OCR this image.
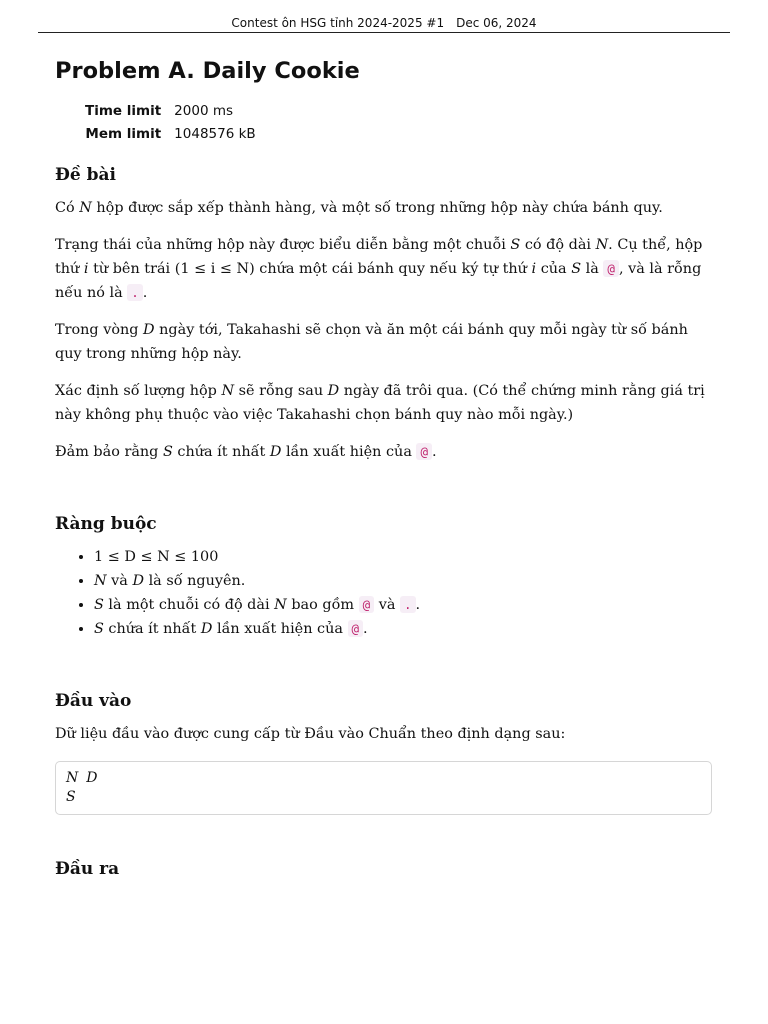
Contest ôn HSG tỉnh 2024-2025 #1 Dec 06, 2024
Problem A. Daily Cookie
Time limit	2000 ms
Mem limit	1048576 kB
Đề bài

Có N hộp được sắp xếp thành hàng, và một số trong những hộp này chứa bánh quy.

Trạng thái của những hộp này được biểu diễn bằng một chuỗi S có độ dài N. Cụ thể, hộp thứ i từ bên trái (1 ≤ i ≤ N) chứa một cái bánh quy nếu ký tự thứ i của S là @ , và là rỗng nếu nó là . .

Trong vòng D ngày tới, Takahashi sẽ chọn và ăn một cái bánh quy mỗi ngày từ số bánh quy trong những hộp này.

Xác định số lượng hộp N sẽ rỗng sau D ngày đã trôi qua. (Có thể chứng minh rằng giá trị này không phụ thuộc vào việc Takahashi chọn bánh quy nào mỗi ngày.)

Đảm bảo rằng S chứa ít nhất D lần xuất hiện của @ .

Ràng buộc
• 1 ≤ D ≤ N ≤ 100
• N và D là số nguyên.
• S là một chuỗi có độ dài N bao gồm @ và . .
• S chứa ít nhất D lần xuất hiện của @ .
Đầu vào

Dữ liệu đầu vào được cung cấp từ Đầu vào Chuẩn theo định dạng sau:

N D
S
Đầu ra
